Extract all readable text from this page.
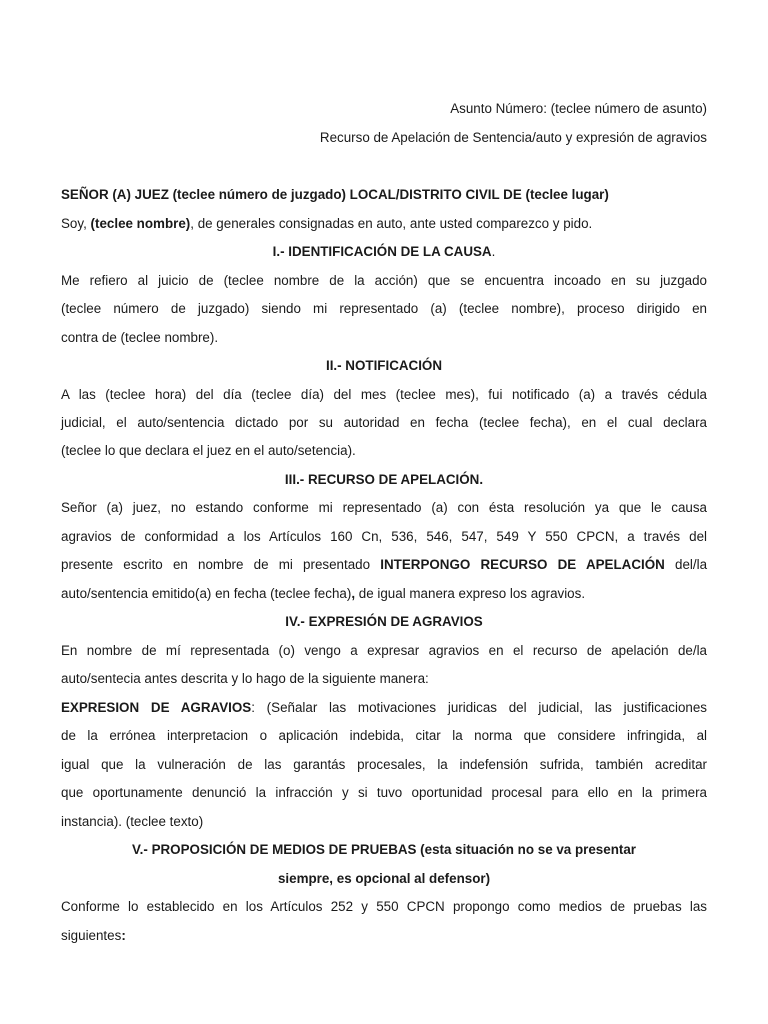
Asunto Número: (teclee número de asunto)
Recurso de Apelación de Sentencia/auto y expresión de agravios
SEÑOR (A) JUEZ (teclee número de juzgado) LOCAL/DISTRITO CIVIL DE (teclee lugar)
Soy, (teclee nombre), de generales consignadas en auto, ante usted comparezco y pido.
I.- IDENTIFICACIÓN DE LA CAUSA.
Me refiero al juicio de (teclee nombre de la acción) que se encuentra incoado en su juzgado
(teclee número de juzgado) siendo mi representado (a) (teclee nombre), proceso dirigido en
contra de (teclee nombre).
II.- NOTIFICACIÓN
A las (teclee hora) del día (teclee día) del mes (teclee mes), fui notificado (a) a través cédula
judicial, el auto/sentencia dictado por su autoridad en fecha (teclee fecha), en el cual declara
(teclee lo que declara el juez en el auto/setencia).
III.- RECURSO DE APELACIÓN.
Señor (a) juez, no estando conforme mi representado (a) con ésta resolución ya que le causa
agravios de conformidad a los Artículos 160 Cn, 536, 546, 547, 549 Y 550 CPCN, a través del
presente escrito en nombre de mi presentado INTERPONGO RECURSO DE APELACIÓN del/la
auto/sentencia emitido(a) en fecha (teclee fecha), de igual manera expreso los agravios.
IV.- EXPRESIÓN DE AGRAVIOS
En nombre de mí representada (o) vengo a expresar agravios en el recurso de apelación de/la
auto/sentecia antes descrita y lo hago de la siguiente manera:
EXPRESION DE AGRAVIOS: (Señalar las motivaciones juridicas del judicial, las justificaciones
de la errónea interpretacion o aplicación indebida, citar la norma que considere infringida, al
igual que la vulneración de las garantás procesales, la indefensión sufrida, también acreditar
que oportunamente denunció la infracción y si tuvo oportunidad procesal para ello en la primera
instancia). (teclee texto)
V.- PROPOSICIÓN DE MEDIOS DE PRUEBAS (esta situación no se va presentar
siempre, es opcional al defensor)
Conforme lo establecido en los Artículos 252 y 550 CPCN propongo como medios de pruebas las
siguientes:
